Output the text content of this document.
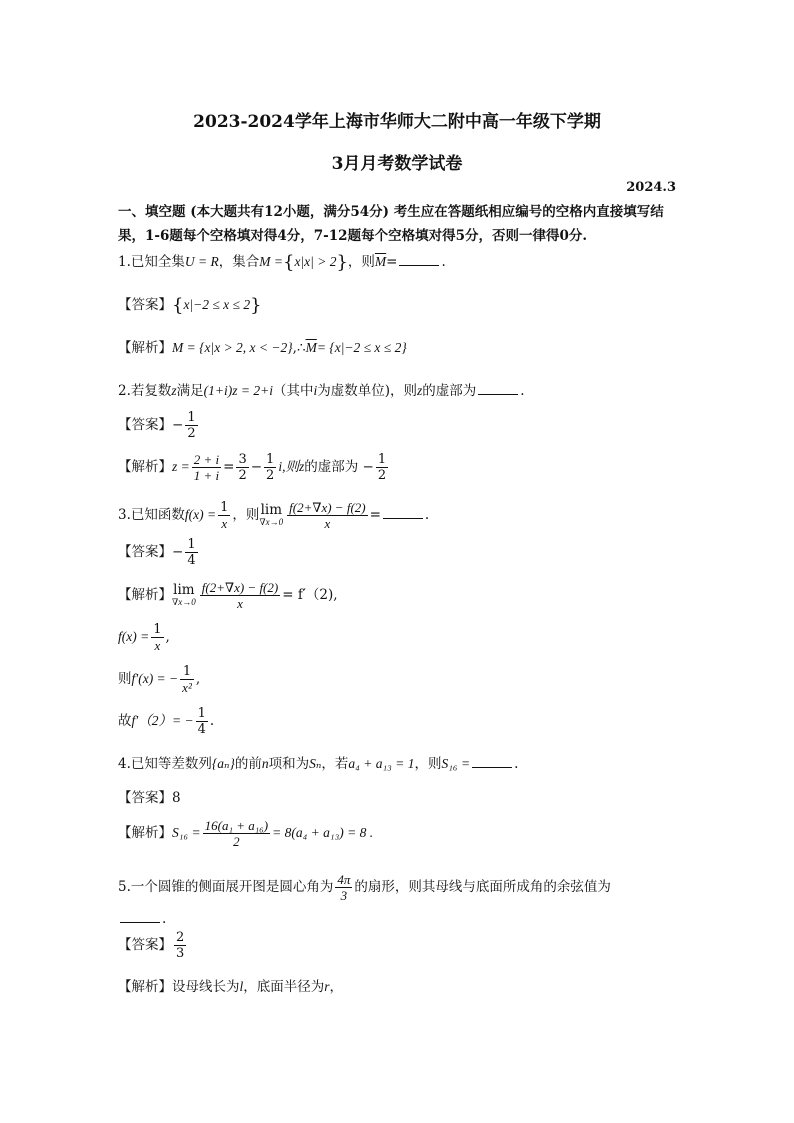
2023-2024学年上海市华师大二附中高一年级下学期
3月月考数学试卷
2024.3
一、填空题 (本大题共有12小题，满分54分) 考生应在答题纸相应编号的空格内直接填写结果，1-6题每个空格填对得4分，7-12题每个空格填对得5分，否则一律得0分.
1.已知全集U = R，集合M ={x|x| > 2}，则$\overline{M}=$	.
【答案】{x|−2 ≤ x ≤ 2}
【解析】M = {x|x > 2, $x < -2\},\therefore\overline{M}= \{x|-2 \le x \le 2\}$
2.若复数z满足(1+i)z = 2+i（其中i为虚数单位)，则z的虚部为	.
【答案】− $\frac{1}{2}$
【解析】$z = \frac{2 + i}{1 + i} = \frac{3}{2} - \frac{1}{2} i$,则z的虚部为 − $\frac{1}{2}$
3.已知函数$f(x) = \frac{1}{x}$ ，则lim
$\nabla x\to 0 \frac{f(2+\nabla x) - f(2)}{x}$ =	.
【答案】− $\frac{1}{4}$
【解析】lim
$\nabla x\to 0 \frac{f(2+\nabla x) - f(2)}{x} = f'(2)$,
$f(x) = \frac{1}{x}$ ,
则f′(x) = − $\frac{1}{\text{x²}}$ ,
故$f'(2)= - \frac{1}{4}$ .
4.已知等差数列{aₙ}的前n项和为Sₙ，若a₄ + a₁₃ = 1，则S₁₆ =	.
【答案】8
【解析】$S_{16} = \frac{\text{16(a₁ + a₁₆)}}{2} = 8(a_4 + a_{13}) = 8$ .
5.一个圆锥的侧面展开图是圆心角为 $\frac{4\pi}{3}$ 的扇形，则其母线与底面所成角的余弦值为
.
【答案】 $\frac{2}{3}$
【解析】设母线长为l，底面半径为r，
